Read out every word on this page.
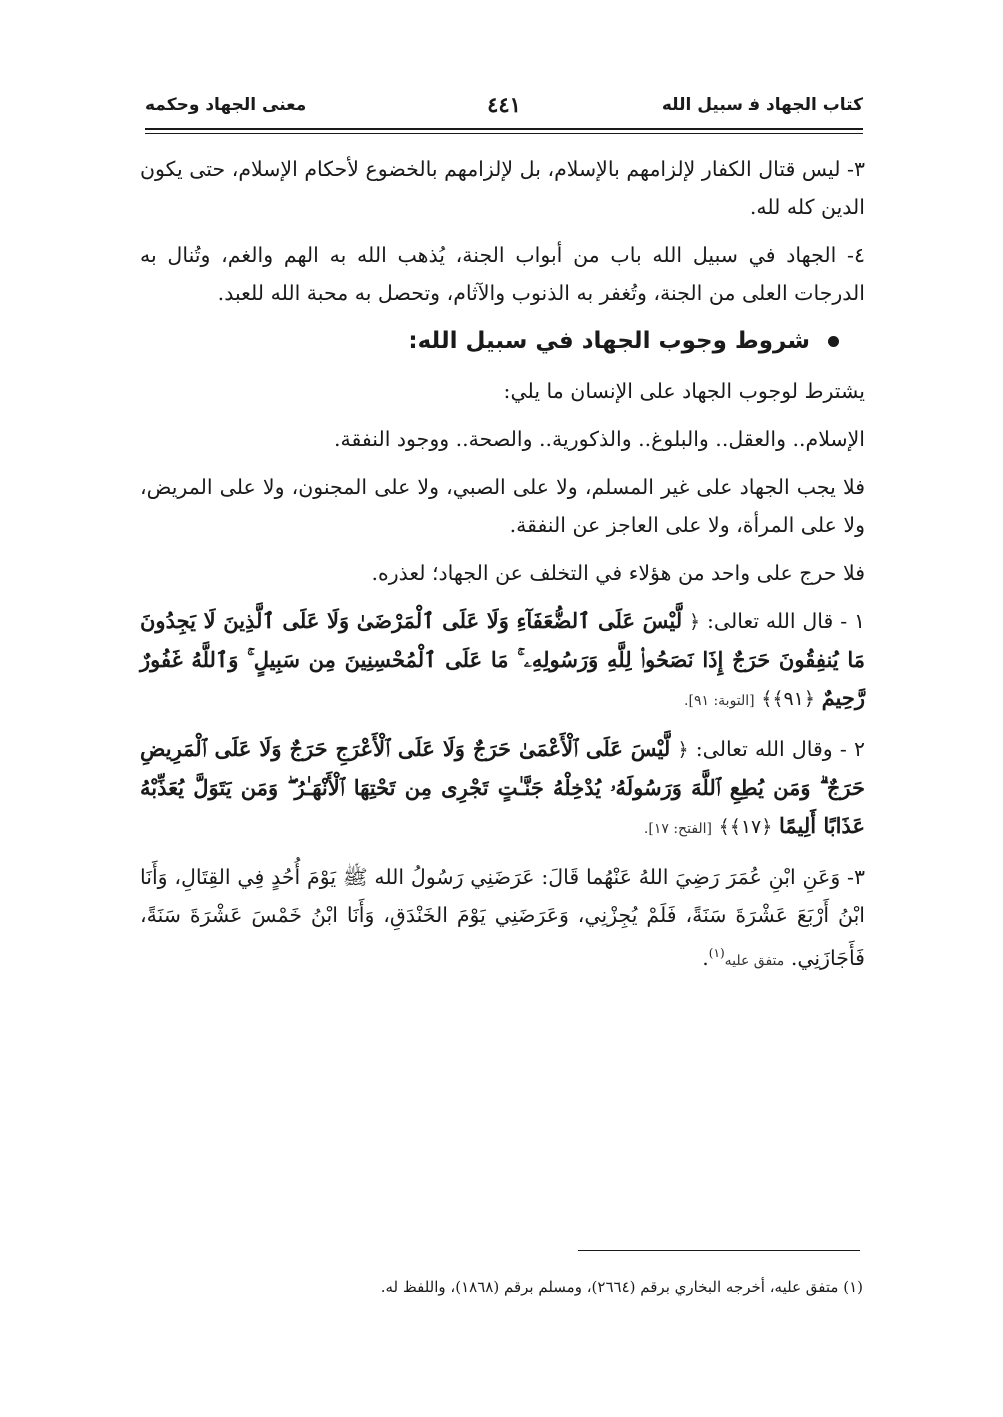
كتاب الجهاد ﻓ سبيل الله
٤٤١
معنى الجهاد وحكمه
٣- ليس قتال الكفار لإلزامهم بالإسلام، بل لإلزامهم بالخضوع لأحكام الإسلام، حتى يكون الدين كله لله.
٤- الجهاد في سبيل الله باب من أبواب الجنة، يُذهب الله به الهم والغم، وتُنال به الدرجات العلى من الجنة، وتُغفر به الذنوب والآثام، وتحصل به محبة الله للعبد.
شروط وجوب الجهاد في سبيل الله:

يشترط لوجوب الجهاد على الإنسان ما يلي:

الإسلام.. والعقل.. والبلوغ.. والذكورية.. والصحة.. ووجود النفقة.

فلا يجب الجهاد على غير المسلم، ولا على الصبي، ولا على المجنون، ولا على المريض، ولا على المرأة، ولا على العاجز عن النفقة.

فلا حرج على واحد من هؤلاء في التخلف عن الجهاد؛ لعذره.

١ - قال الله تعالى: ﴿ لَّيْسَ عَلَى ٱلضُّعَفَآءِ وَلَا عَلَى ٱلْمَرْضَىٰ وَلَا عَلَى ٱلَّذِينَ لَا يَجِدُونَ مَا يُنفِقُونَ حَرَجٌ إِذَا نَصَحُوا۟ لِلَّهِ وَرَسُولِهِۦ ۚ مَا عَلَى ٱلْمُحْسِنِينَ مِن سَبِيلٍ ۚ وَٱللَّهُ غَفُورٌ رَّحِيمٌ ﴿٩١﴾﴾ [التوبة: ٩١].
٢ - وقال الله تعالى: ﴿ لَّيْسَ عَلَى ٱلْأَعْمَىٰ حَرَجٌ وَلَا عَلَى ٱلْأَعْرَجِ حَرَجٌ وَلَا عَلَى ٱلْمَرِيضِ حَرَجٌ ۗ وَمَن يُطِعِ ٱللَّهَ وَرَسُولَهُۥ يُدْخِلْهُ جَنَّـٰتٍ تَجْرِى مِن تَحْتِهَا ٱلْأَنْهَـٰرُ ۖ وَمَن يَتَوَلَّ يُعَذِّبْهُ عَذَابًا أَلِيمًا ﴿١٧﴾﴾ [الفتح: ١٧].
٣- وَعَنِ ابْنِ عُمَرَ رَضِيَ اللهُ عَنْهُما قَالَ: عَرَضَنِي رَسُولُ الله ﷺ يَوْمَ أُحُدٍ فِي القِتَالِ، وَأَنَا ابْنُ أَرْبَعَ عَشْرَةَ سَنَةً، فَلَمْ يُجِزْنِي، وَعَرَضَنِي يَوْمَ الخَنْدَقِ، وَأَنَا ابْنُ خَمْسَ عَشْرَةَ سَنَةً، فَأَجَازَنِي. متفق عليه$^{(١)}$.
(١) متفق عليه، أخرجه البخاري برقم (٢٦٦٤)، ومسلم برقم (١٨٦٨)، واللفظ له.
